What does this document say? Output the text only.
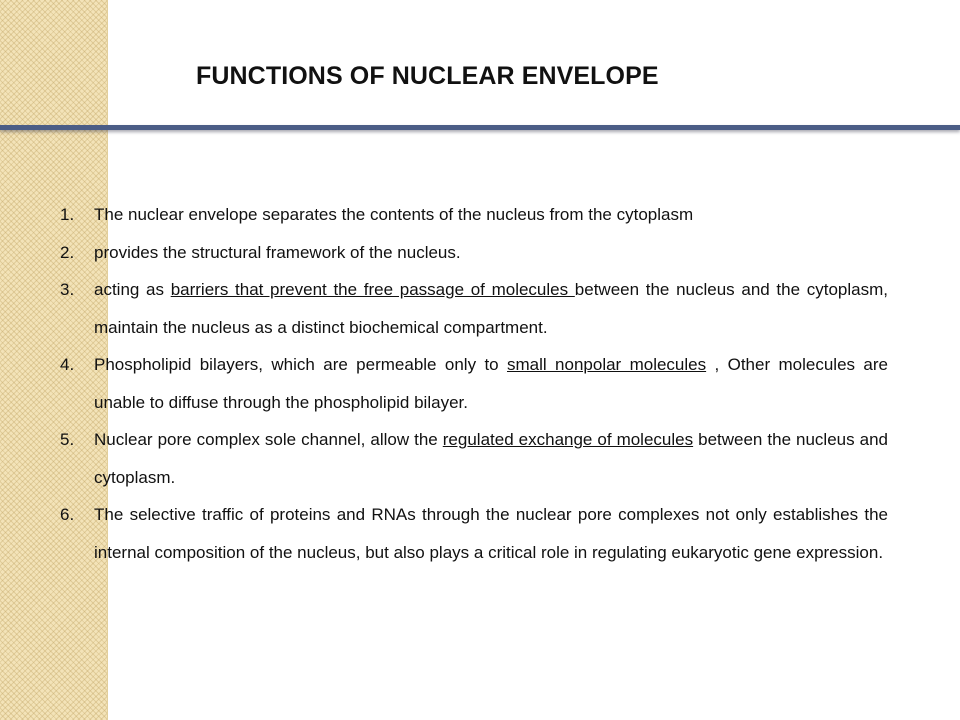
FUNCTIONS OF NUCLEAR ENVELOPE
1. The nuclear envelope separates the contents of the nucleus from the cytoplasm
2. provides the structural framework of the nucleus.
3. acting as barriers that prevent the free passage of molecules between the nucleus and the cytoplasm, maintain the nucleus as a distinct biochemical compartment.
4. Phospholipid bilayers, which are permeable only to small nonpolar molecules , Other molecules are unable to diffuse through the phospholipid bilayer.
5. Nuclear pore complex sole channel, allow the regulated exchange of molecules between the nucleus and cytoplasm.
6. The selective traffic of proteins and RNAs through the nuclear pore complexes not only establishes the internal composition of the nucleus, but also plays a critical role in regulating eukaryotic gene expression.
